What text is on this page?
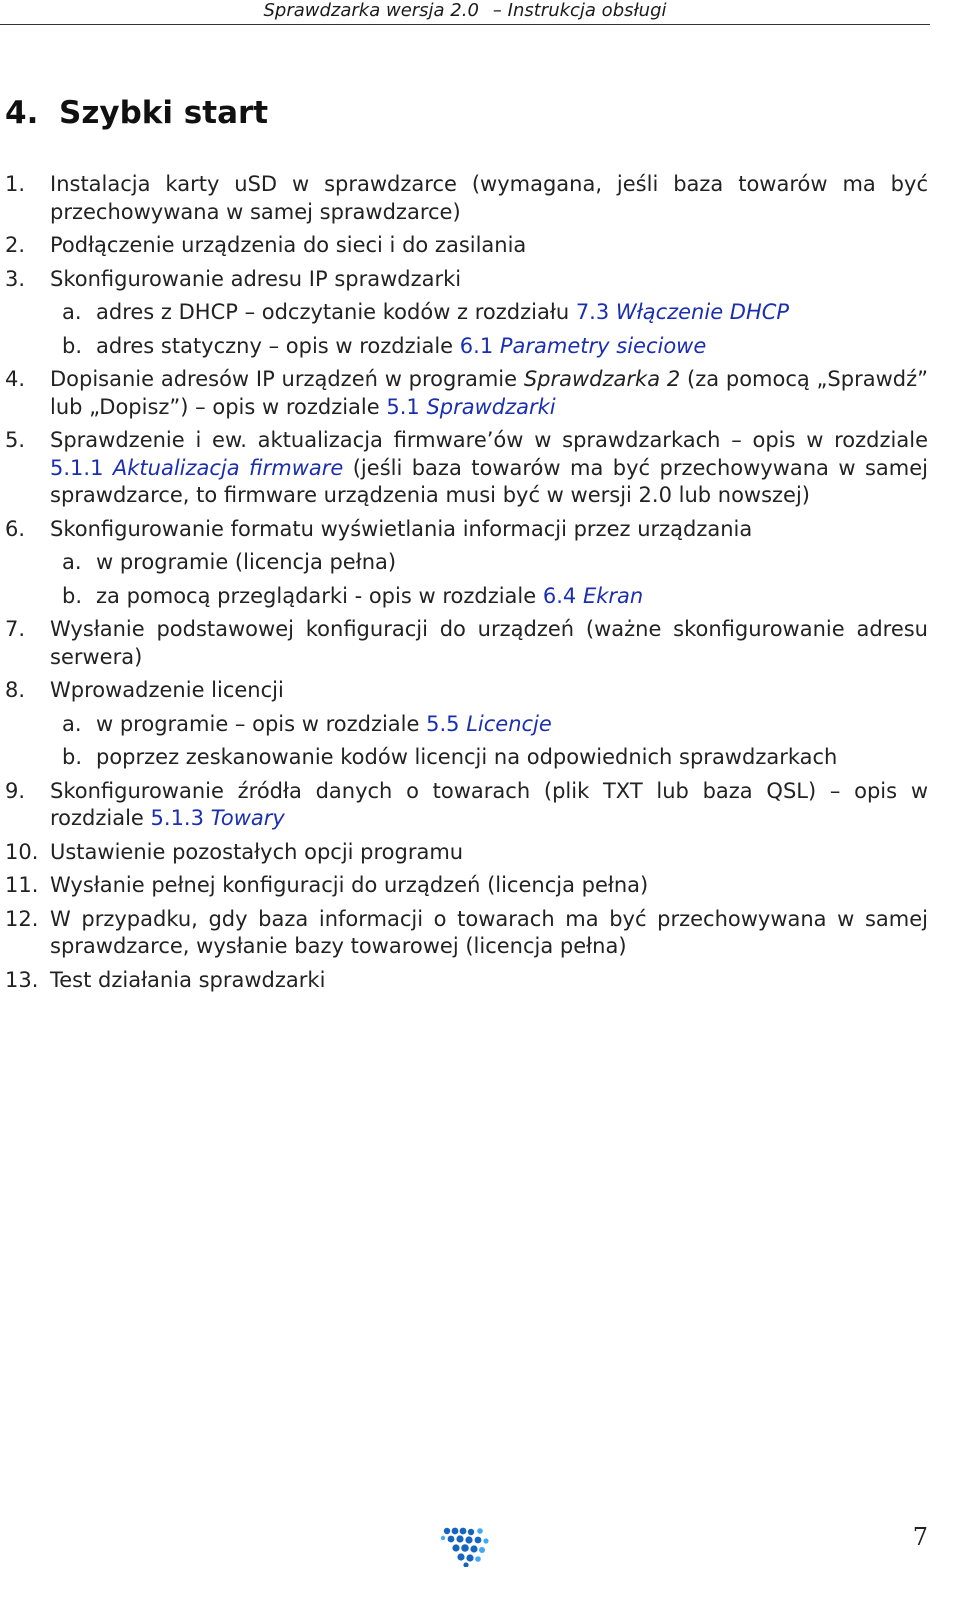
Sprawdzarka wersja 2.0 – Instrukcja obsługi
4. Szybki start
1. Instalacja karty uSD w sprawdzarce (wymagana, jeśli baza towarów ma być przechowywana w samej sprawdzarce)
2. Podłączenie urządzenia do sieci i do zasilania
3. Skonfigurowanie adresu IP sprawdzarki
a. adres z DHCP – odczytanie kodów z rozdziału 7.3 Włączenie DHCP
b. adres statyczny – opis w rozdziale 6.1 Parametry sieciowe
4. Dopisanie adresów IP urządzeń w programie Sprawdzarka 2 (za pomocą „Sprawdź” lub „Dopisz”) – opis w rozdziale 5.1 Sprawdzarki
5. Sprawdzenie i ew. aktualizacja firmware’ów w sprawdzarkach – opis w rozdziale 5.1.1 Aktualizacja firmware (jeśli baza towarów ma być przechowywana w samej sprawdzarce, to firmware urządzenia musi być w wersji 2.0 lub nowszej)
6. Skonfigurowanie formatu wyświetlania informacji przez urządzania
a. w programie (licencja pełna)
b. za pomocą przeglądarki - opis w rozdziale 6.4 Ekran
7. Wysłanie podstawowej konfiguracji do urządzeń (ważne skonfigurowanie adresu serwera)
8. Wprowadzenie licencji
a. w programie – opis w rozdziale 5.5 Licencje
b. poprzez zeskanowanie kodów licencji na odpowiednich sprawdzarkach
9. Skonfigurowanie źródła danych o towarach (plik TXT lub baza QSL) – opis w rozdziale 5.1.3 Towary
10. Ustawienie pozostałych opcji programu
11. Wysłanie pełnej konfiguracji do urządzeń (licencja pełna)
12. W przypadku, gdy baza informacji o towarach ma być przechowywana w samej sprawdzarce, wysłanie bazy towarowej (licencja pełna)
13. Test działania sprawdzarki
7
